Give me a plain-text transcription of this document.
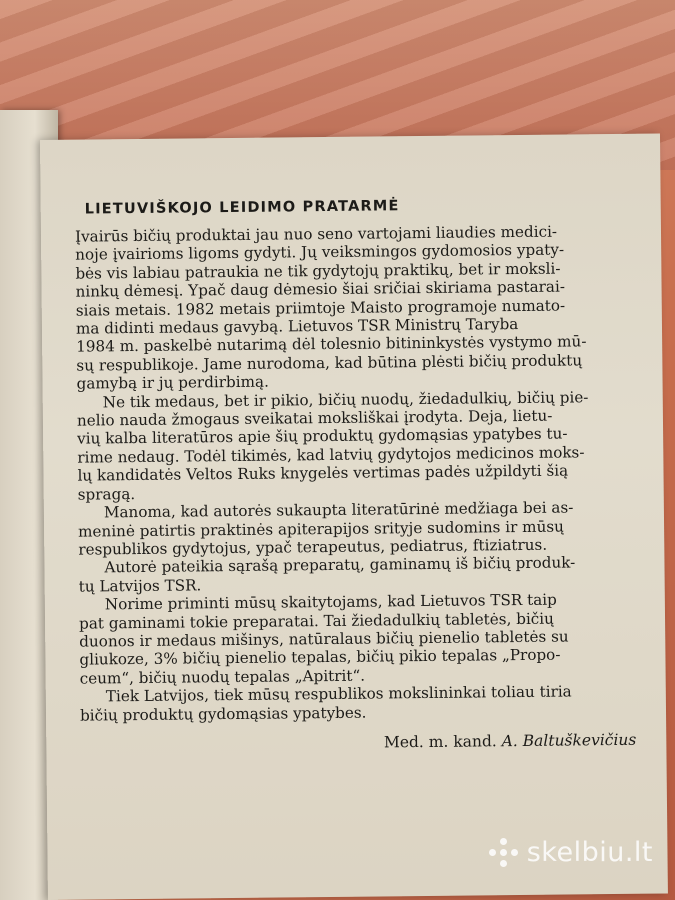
LIETUVIŠKOJO LEIDIMO PRATARMĖ

Įvairūs bičių produktai jau nuo seno vartojami liaudies medici-
noje įvairioms ligoms gydyti. Jų veiksmingos gydomosios ypaty-
bės vis labiau patraukia ne tik gydytojų praktikų, bet ir moksli-
ninkų dėmesį. Ypač daug dėmesio šiai sričiai skiriama pastarai-
siais metais. 1982 metais priimtoje Maisto programoje numato-
ma didinti medaus gavybą. Lietuvos TSR Ministrų Taryba
1984 m. paskelbė nutarimą dėl tolesnio bitininkystės vystymo mū-
sų respublikoje. Jame nurodoma, kad būtina plėsti bičių produktų
gamybą ir jų perdirbimą.

Ne tik medaus, bet ir pikio, bičių nuodų, žiedadulkių, bičių pie-
nelio nauda žmogaus sveikatai moksliškai įrodyta. Deja, lietu-
vių kalba literatūros apie šių produktų gydomąsias ypatybes tu-
rime nedaug. Todėl tikimės, kad latvių gydytojos medicinos moks-
lų kandidatės Veltos Ruks knygelės vertimas padės užpildyti šią
spragą.

Manoma, kad autorės sukaupta literatūrinė medžiaga bei as-
meninė patirtis praktinės apiterapijos srityje sudomins ir mūsų
respublikos gydytojus, ypač terapeutus, pediatrus, ftiziatrus.

Autorė pateikia sąrašą preparatų, gaminamų iš bičių produk-
tų Latvijos TSR.

Norime priminti mūsų skaitytojams, kad Lietuvos TSR taip
pat gaminami tokie preparatai. Tai žiedadulkių tabletės, bičių
duonos ir medaus mišinys, natūralaus bičių pienelio tabletės su
gliukoze, 3% bičių pienelio tepalas, bičių pikio tepalas „Propo-
ceum“, bičių nuodų tepalas „Apitrit“.

Tiek Latvijos, tiek mūsų respublikos mokslininkai toliau tiria
bičių produktų gydomąsias ypatybes.

Med. m. kand. A. Baltuškevičius
skelbiu.lt
